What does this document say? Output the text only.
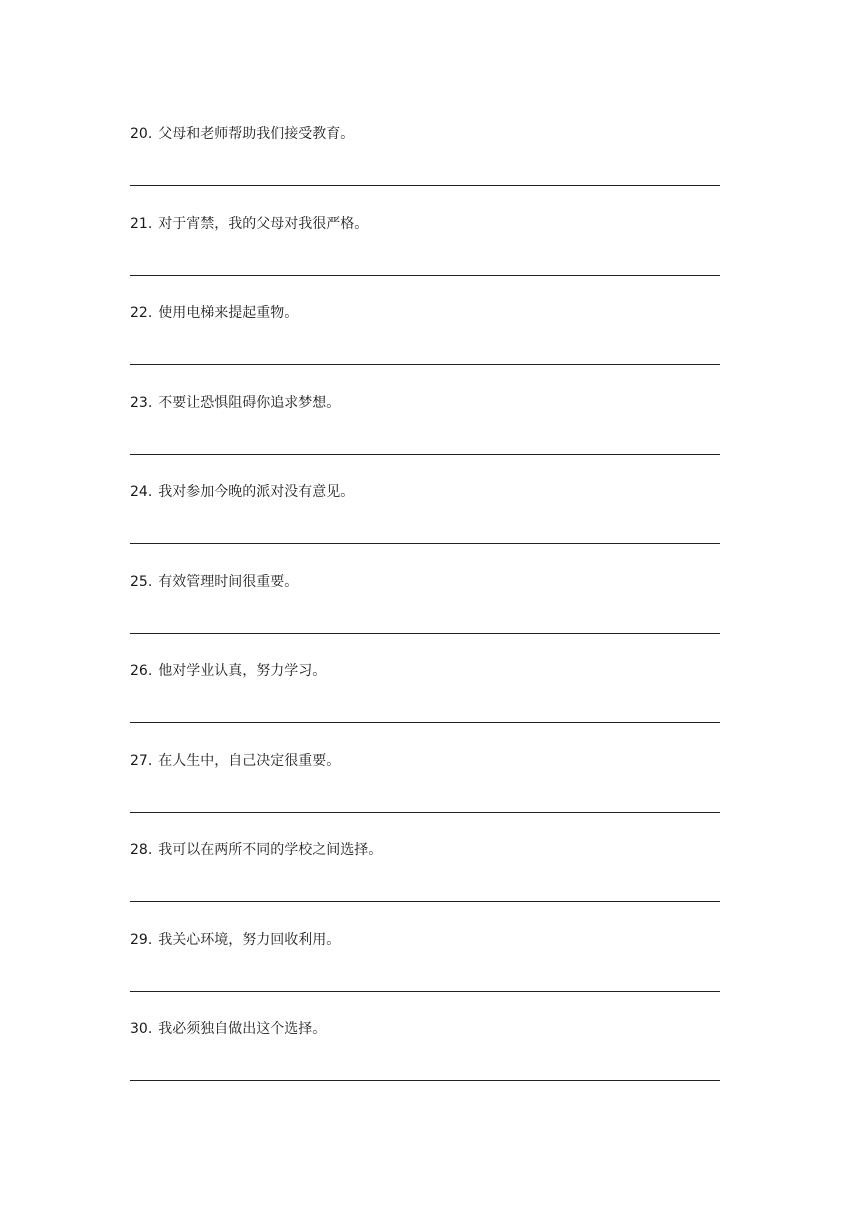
20. 父母和老师帮助我们接受教育。
21. 对于宵禁，我的父母对我很严格。
22. 使用电梯来提起重物。
23. 不要让恐惧阻碍你追求梦想。
24. 我对参加今晚的派对没有意见。
25. 有效管理时间很重要。
26. 他对学业认真，努力学习。
27. 在人生中，自己决定很重要。
28. 我可以在两所不同的学校之间选择。
29. 我关心环境，努力回收利用。
30. 我必须独自做出这个选择。
